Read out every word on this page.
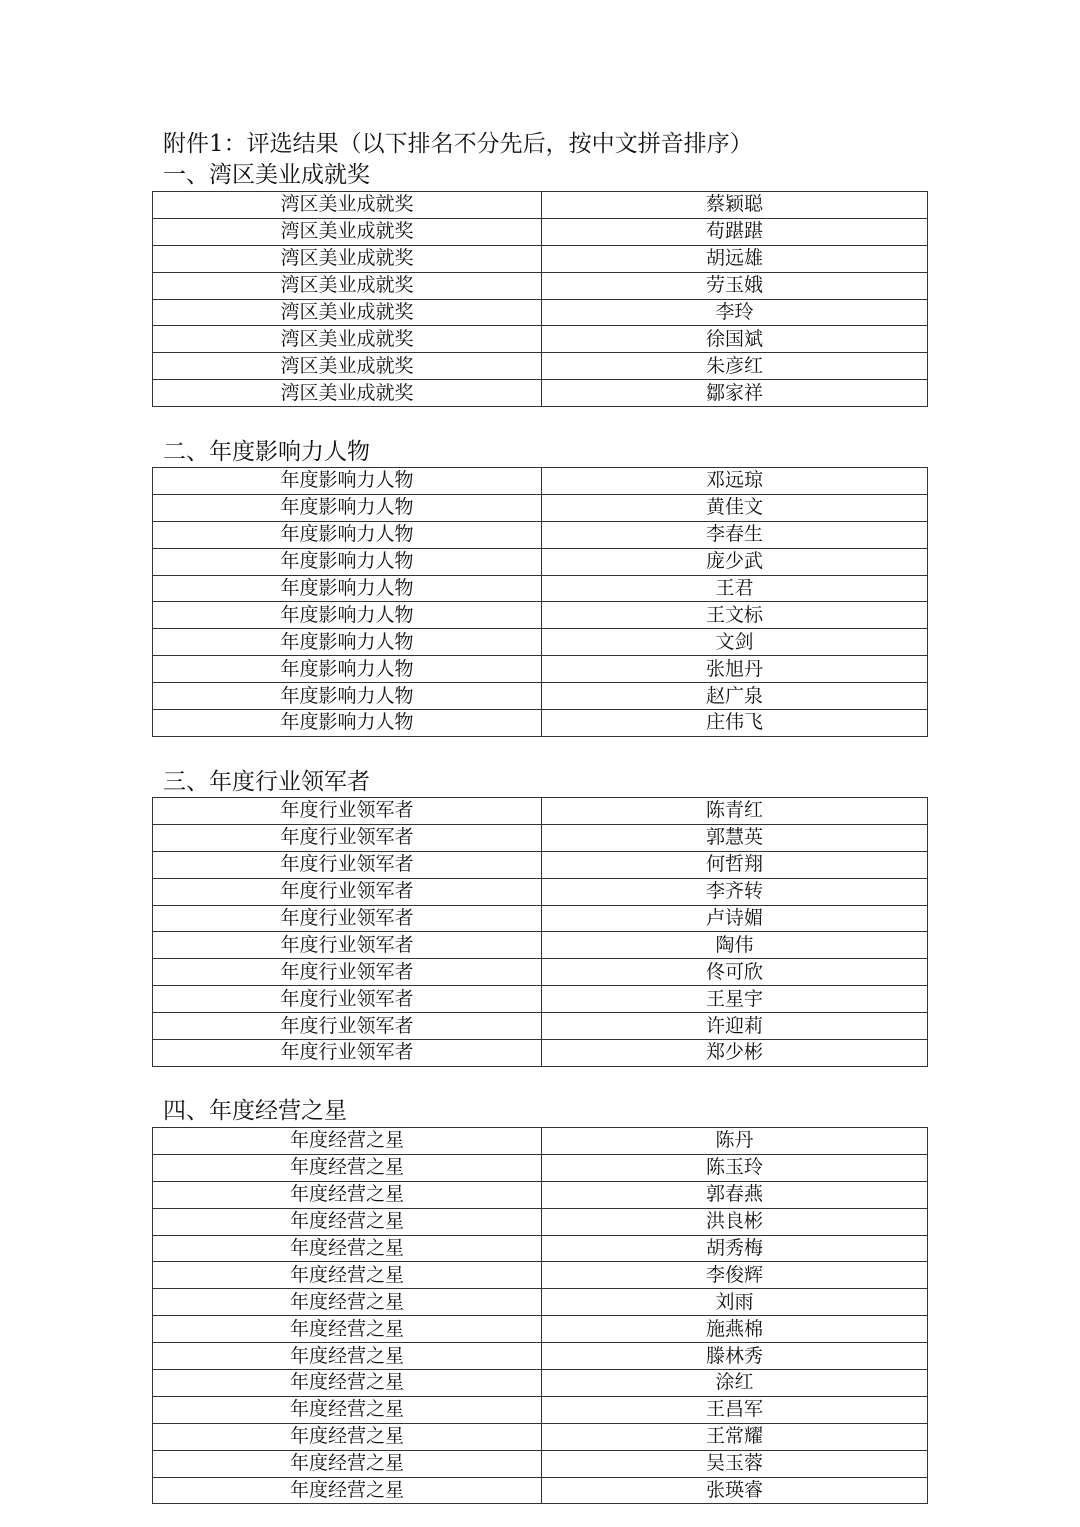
附件1：评选结果（以下排名不分先后，按中文拼音排序）
一、湾区美业成就奖
湾区美业成就奖	蔡颖聪
湾区美业成就奖	苟踸踸
湾区美业成就奖	胡远雄
湾区美业成就奖	劳玉娥
湾区美业成就奖	李玲
湾区美业成就奖	徐国斌
湾区美业成就奖	朱彦红
湾区美业成就奖	鄒家祥
二、年度影响力人物
年度影响力人物	邓远琼
年度影响力人物	黄佳文
年度影响力人物	李春生
年度影响力人物	庞少武
年度影响力人物	王君
年度影响力人物	王文标
年度影响力人物	文剑
年度影响力人物	张旭丹
年度影响力人物	赵广泉
年度影响力人物	庄伟飞
三、年度行业领军者
年度行业领军者	陈青红
年度行业领军者	郭慧英
年度行业领军者	何哲翔
年度行业领军者	李齐转
年度行业领军者	卢诗媚
年度行业领军者	陶伟
年度行业领军者	佟可欣
年度行业领军者	王星宇
年度行业领军者	许迎莉
年度行业领军者	郑少彬
四、年度经营之星
年度经营之星	陈丹
年度经营之星	陈玉玲
年度经营之星	郭春燕
年度经营之星	洪良彬
年度经营之星	胡秀梅
年度经营之星	李俊辉
年度经营之星	刘雨
年度经营之星	施燕棉
年度经营之星	滕林秀
年度经营之星	涂红
年度经营之星	王昌军
年度经营之星	王常耀
年度经营之星	吴玉蓉
年度经营之星	张瑛睿
